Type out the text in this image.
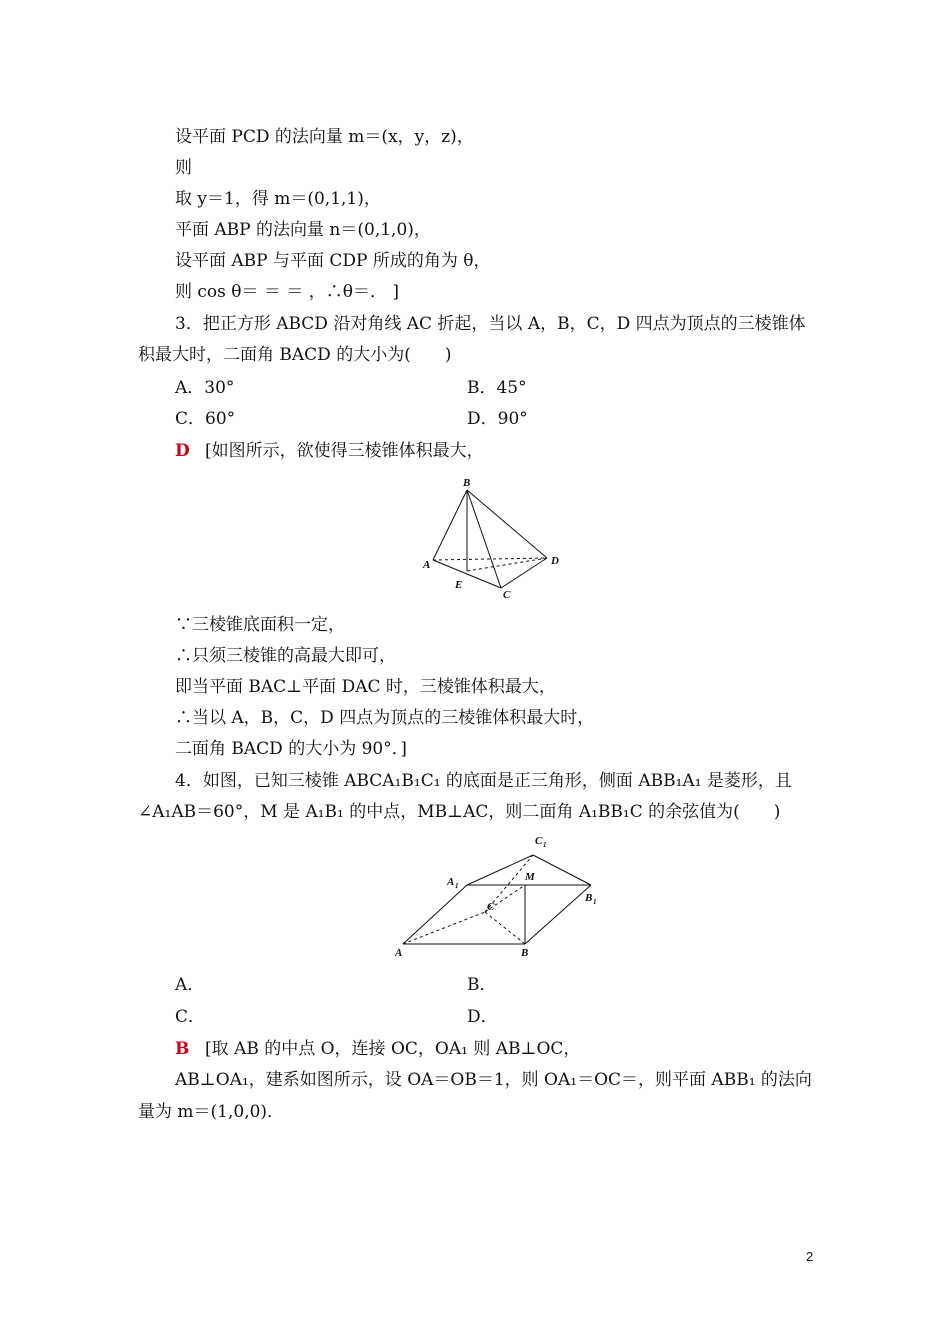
设平面 PCD 的法向量 m＝(x，y，z)，
则
取 y＝1，得 m＝(0,1,1)，
平面 ABP 的法向量 n＝(0,1,0)，
设平面 ABP 与平面 CDP 所成的角为 θ，
则 cos θ＝ ＝ ＝ ，∴θ＝． ]
3．把正方形 ABCD 沿对角线 AC 折起，当以 A，B，C，D 四点为顶点的三棱锥体
积最大时，二面角 BACD 的大小为(　　)
A．30°	B．45°
C．60°	D．90°
D [如图所示，欲使得三棱锥体积最大，
B
A	D
E
C
∵三棱锥底面积一定，
∴只须三棱锥的高最大即可，
即当平面 BAC⊥平面 DAC 时，三棱锥体积最大，
∴当以 A，B，C，D 四点为顶点的三棱锥体积最大时，
二面角 BACD 的大小为 90°．]
4．如图，已知三棱锥 ABCA₁B₁C₁ 的底面是正三角形，侧面 ABB₁A₁ 是菱形，且
∠A₁AB＝60°，M 是 A₁B₁ 的中点，MB⊥AC，则二面角 A₁BB₁C 的余弦值为(　　)
C 1
A 1
M
C
B 1
A	B
A．	B．
C．	D．
B [取 AB 的中点 O，连接 OC，OA₁ 则 AB⊥OC，
AB⊥OA₁，建系如图所示，设 OA＝OB＝1，则 OA₁＝OC＝，则平面 ABB₁ 的法向
量为 m＝(1,0,0)．
2
